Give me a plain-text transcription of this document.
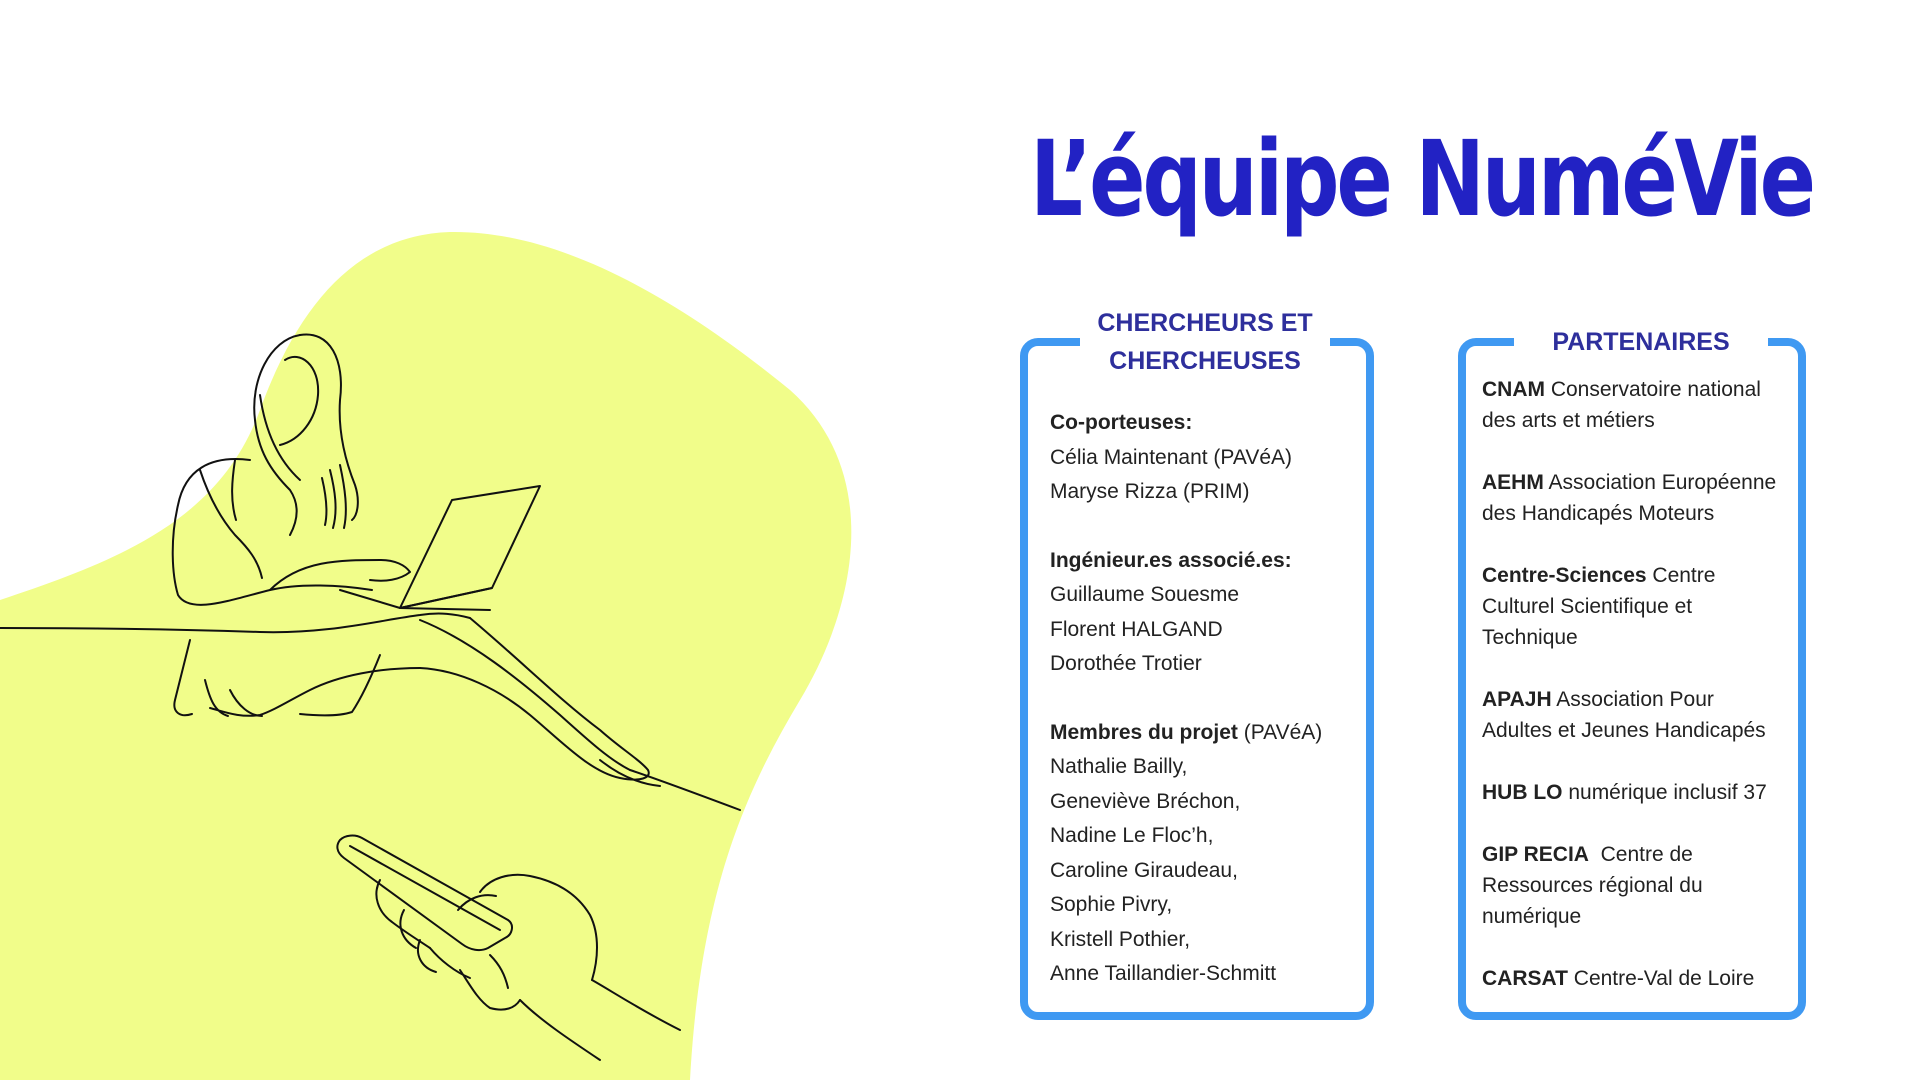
L’équipe NuméVie
CHERCHEURS ET
CHERCHEUSES
Co-porteuses:
Célia Maintenant (PAVéA)
Maryse Rizza (PRIM)
Ingénieur.es associé.es:
Guillaume Souesme
Florent HALGAND
Dorothée Trotier
Membres du projet (PAVéA)
Nathalie Bailly,
Geneviève Bréchon,
Nadine Le Floc’h,
Caroline Giraudeau,
Sophie Pivry,
Kristell Pothier,
Anne Taillandier-Schmitt
PARTENAIRES
CNAM Conservatoire national
des arts et métiers
AEHM Association Européenne
des Handicapés Moteurs
Centre-Sciences Centre
Culturel Scientifique et
Technique
APAJH Association Pour
Adultes et Jeunes Handicapés
HUB LO numérique inclusif 37
GIP RECIA  Centre de
Ressources régional du
numérique
CARSAT Centre-Val de Loire
